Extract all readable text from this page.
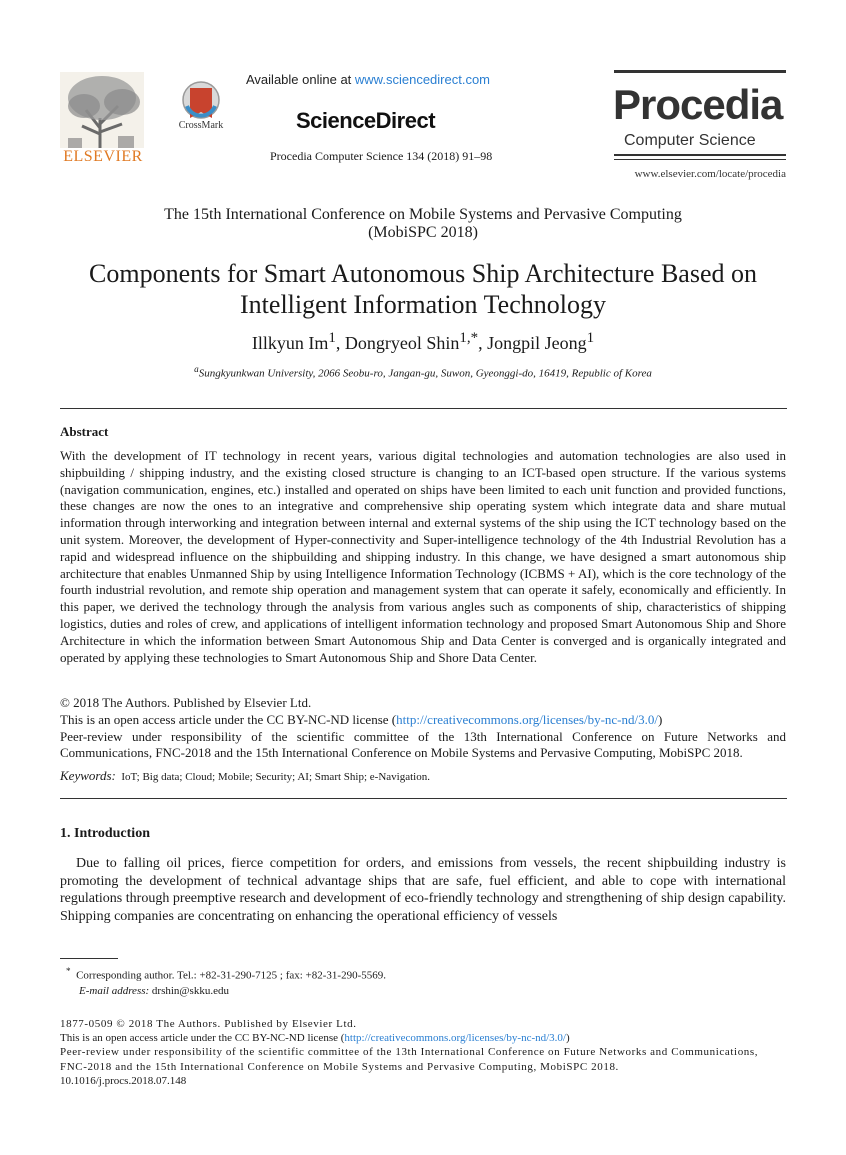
ELSEVIER
CrossMark
Available online at www.sciencedirect.com
ScienceDirect
Procedia Computer Science 134 (2018) 91–98
Procedia
Computer Science
www.elsevier.com/locate/procedia
The 15th International Conference on Mobile Systems and Pervasive Computing
(MobiSPC 2018)
Components for Smart Autonomous Ship Architecture Based on
Intelligent Information Technology
Illkyun Im$^1$, Dongryeol Shin$^{1,*}$, Jongpil Jeong$^1$
$^a$Sungkyunkwan University, 2066 Seobu-ro, Jangan-gu, Suwon, Gyeonggi-do, 16419, Republic of Korea
Abstract
With the development of IT technology in recent years, various digital technologies and automation technologies are also used in shipbuilding / shipping industry, and the existing closed structure is changing to an ICT-based open structure. If the various systems (navigation communication, engines, etc.) installed and operated on ships have been limited to each unit function and provided functions, these changes are now the ones to an integrative and comprehensive ship operating system which integrate data and share mutual information through interworking and integration between internal and external systems of the ship using the ICT technology based on the unit system. Moreover, the development of Hyper-connectivity and Super-intelligence technology of the 4th Industrial Revolution has a rapid and widespread influence on the shipbuilding and shipping industry. In this change, we have designed a smart autonomous ship architecture that enables Unmanned Ship by using Intelligence Information Technology (ICBMS + AI), which is the core technology of the fourth industrial revolution, and remote ship operation and management system that can operate it safely, economically and efficiently. In this paper, we derived the technology through the analysis from various angles such as components of ship, characteristics of shipping logistics, duties and roles of crew, and applications of intelligent information technology and proposed Smart Autonomous Ship and Shore Architecture in which the information between Smart Autonomous Ship and Data Center is converged and is organically integrated and operated by applying these technologies to Smart Autonomous Ship and Shore Data Center.
© 2018 The Authors. Published by Elsevier Ltd.
This is an open access article under the CC BY-NC-ND license (http://creativecommons.org/licenses/by-nc-nd/3.0/)
Peer-review under responsibility of the scientific committee of the 13th International Conference on Future Networks and Communications, FNC-2018 and the 15th International Conference on Mobile Systems and Pervasive Computing, MobiSPC 2018.
Keywords: IoT; Big data; Cloud; Mobile; Security; AI; Smart Ship; e-Navigation.
1. Introduction
Due to falling oil prices, fierce competition for orders, and emissions from vessels, the recent shipbuilding industry is promoting the development of technical advantage ships that are safe, fuel efficient, and able to cope with international regulations through preemptive research and development of eco-friendly technology and strengthening of ship design capability. Shipping companies are concentrating on enhancing the operational efficiency of vessels
* Corresponding author. Tel.: +82-31-290-7125 ; fax: +82-31-290-5569.
E-mail address: drshin@skku.edu
1877-0509 © 2018 The Authors. Published by Elsevier Ltd.
This is an open access article under the CC BY-NC-ND license (http://creativecommons.org/licenses/by-nc-nd/3.0/)
Peer-review under responsibility of the scientific committee of the 13th International Conference on Future Networks and Communications, FNC-2018 and the 15th International Conference on Mobile Systems and Pervasive Computing, MobiSPC 2018.
10.1016/j.procs.2018.07.148
